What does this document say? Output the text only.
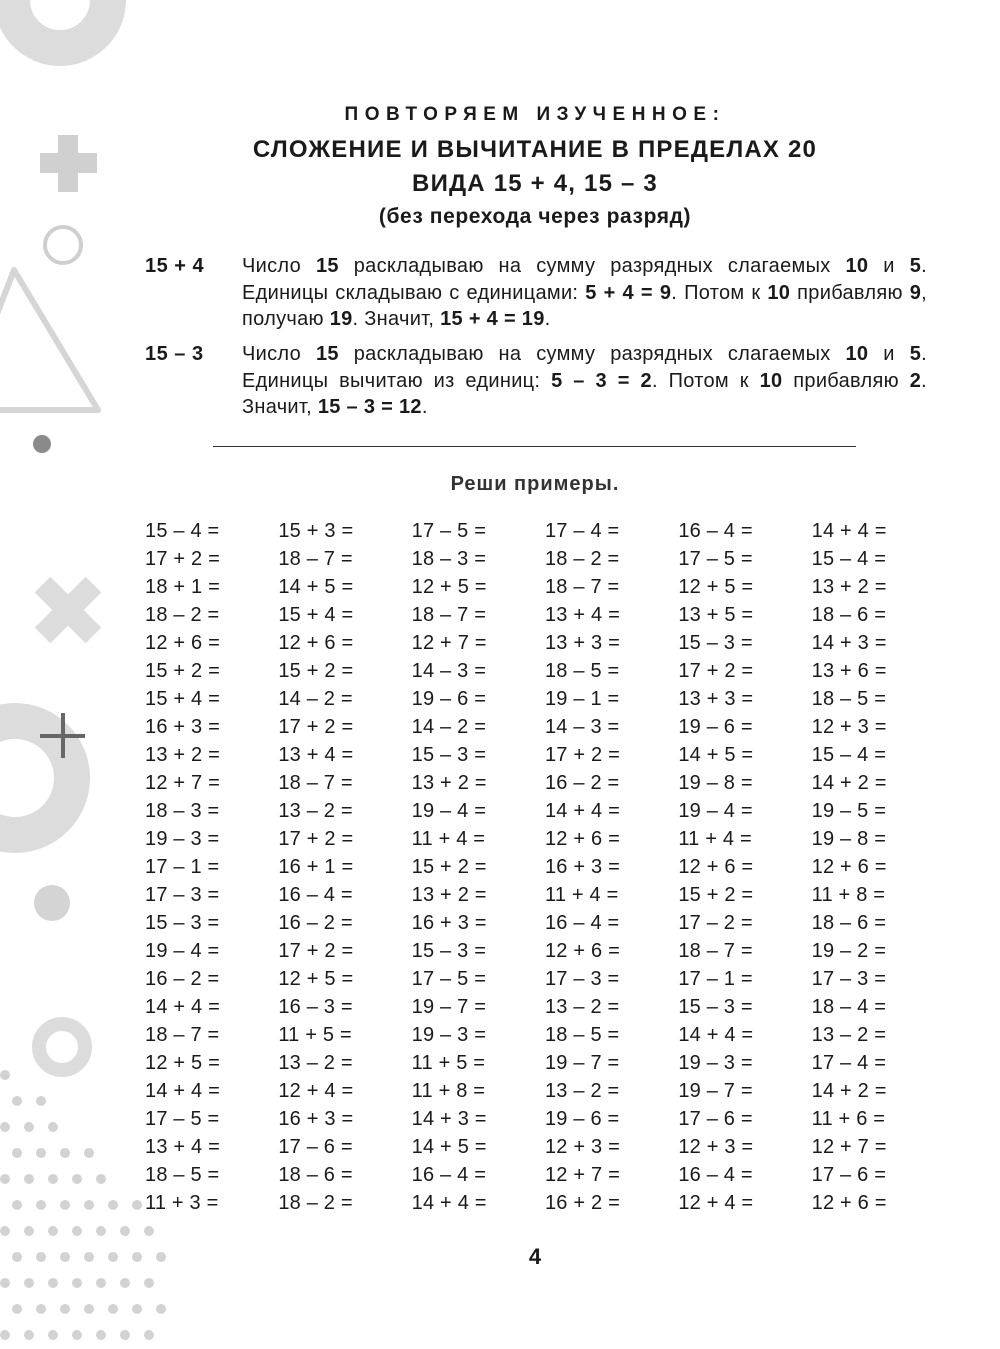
ПОВТОРЯЕМ ИЗУЧЕННОЕ:
СЛОЖЕНИЕ И ВЫЧИТАНИЕ В ПРЕДЕЛАХ 20
ВИДА 15 + 4, 15 – 3
(без перехода через разряд)
15 + 4	Число 15 раскладываю на сумму разрядных слагаемых 10 и 5. Единицы складываю с единицами: 5 + 4 = 9. Потом к 10 прибавляю 9, получаю 19. Значит, 15 + 4 = 19.
15 – 3	Число 15 раскладываю на сумму разрядных слагаемых 10 и 5. Единицы вычитаю из единиц: 5 – 3 = 2. Потом к 10 прибавляю 2. Значит, 15 – 3 = 12.
Реши примеры.
15 – 4 =	15 + 3 =	17 – 5 =	17 – 4 =	16 – 4 =	14 + 4 =
17 + 2 =	18 – 7 =	18 – 3 =	18 – 2 =	17 – 5 =	15 – 4 =
18 + 1 =	14 + 5 =	12 + 5 =	18 – 7 =	12 + 5 =	13 + 2 =
18 – 2 =	15 + 4 =	18 – 7 =	13 + 4 =	13 + 5 =	18 – 6 =
12 + 6 =	12 + 6 =	12 + 7 =	13 + 3 =	15 – 3 =	14 + 3 =
15 + 2 =	15 + 2 =	14 – 3 =	18 – 5 =	17 + 2 =	13 + 6 =
15 + 4 =	14 – 2 =	19 – 6 =	19 – 1 =	13 + 3 =	18 – 5 =
16 + 3 =	17 + 2 =	14 – 2 =	14 – 3 =	19 – 6 =	12 + 3 =
13 + 2 =	13 + 4 =	15 – 3 =	17 + 2 =	14 + 5 =	15 – 4 =
12 + 7 =	18 – 7 =	13 + 2 =	16 – 2 =	19 – 8 =	14 + 2 =
18 – 3 =	13 – 2 =	19 – 4 =	14 + 4 =	19 – 4 =	19 – 5 =
19 – 3 =	17 + 2 =	11 + 4 =	12 + 6 =	11 + 4 =	19 – 8 =
17 – 1 =	16 + 1 =	15 + 2 =	16 + 3 =	12 + 6 =	12 + 6 =
17 – 3 =	16 – 4 =	13 + 2 =	11 + 4 =	15 + 2 =	11 + 8 =
15 – 3 =	16 – 2 =	16 + 3 =	16 – 4 =	17 – 2 =	18 – 6 =
19 – 4 =	17 + 2 =	15 – 3 =	12 + 6 =	18 – 7 =	19 – 2 =
16 – 2 =	12 + 5 =	17 – 5 =	17 – 3 =	17 – 1 =	17 – 3 =
14 + 4 =	16 – 3 =	19 – 7 =	13 – 2 =	15 – 3 =	18 – 4 =
18 – 7 =	11 + 5 =	19 – 3 =	18 – 5 =	14 + 4 =	13 – 2 =
12 + 5 =	13 – 2 =	11 + 5 =	19 – 7 =	19 – 3 =	17 – 4 =
14 + 4 =	12 + 4 =	11 + 8 =	13 – 2 =	19 – 7 =	14 + 2 =
17 – 5 =	16 + 3 =	14 + 3 =	19 – 6 =	17 – 6 =	11 + 6 =
13 + 4 =	17 – 6 =	14 + 5 =	12 + 3 =	12 + 3 =	12 + 7 =
18 – 5 =	18 – 6 =	16 – 4 =	12 + 7 =	16 – 4 =	17 – 6 =
11 + 3 =	18 – 2 =	14 + 4 =	16 + 2 =	12 + 4 =	12 + 6 =
4
